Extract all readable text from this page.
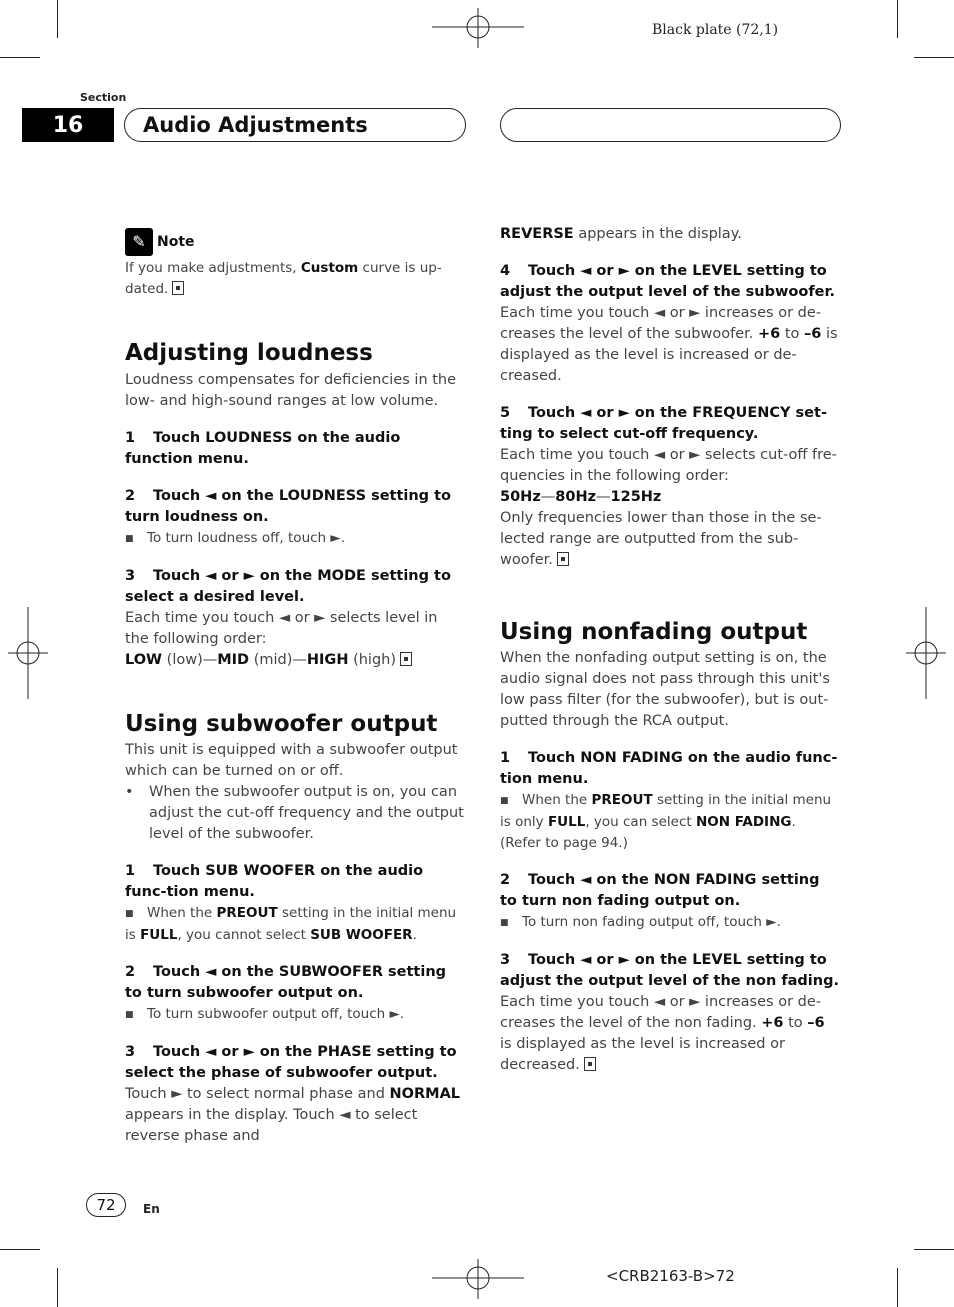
Black plate (72,1)
Section
16	Audio Adjustments
✎ Note

If you make adjustments, Custom curve is up-dated.

Adjusting loudness

Loudness compensates for deficiencies in the low- and high-sound ranges at low volume.

1 Touch LOUDNESS on the audio function menu.

2 Touch ◄ on the LOUDNESS setting to turn loudness on.

■ To turn loudness off, touch ►.

3 Touch ◄ or ► on the MODE setting to select a desired level.

Each time you touch ◄ or ► selects level in the following order:

LOW (low)—MID (mid)—HIGH (high)

Using subwoofer output

This unit is equipped with a subwoofer output which can be turned on or off.

• When the subwoofer output is on, you can adjust the cut-off frequency and the output level of the subwoofer.

1 Touch SUB WOOFER on the audio func-tion menu.

■ When the PREOUT setting in the initial menu is FULL, you cannot select SUB WOOFER.

2 Touch ◄ on the SUBWOOFER setting to turn subwoofer output on.

■ To turn subwoofer output off, touch ►.

3 Touch ◄ or ► on the PHASE setting to select the phase of subwoofer output.

Touch ► to select normal phase and NORMAL appears in the display. Touch ◄ to select reverse phase and

REVERSE appears in the display.

4 Touch ◄ or ► on the LEVEL setting to adjust the output level of the subwoofer.

Each time you touch ◄ or ► increases or de-creases the level of the subwoofer. +6 to –6 is displayed as the level is increased or de-creased.

5 Touch ◄ or ► on the FREQUENCY set-ting to select cut-off frequency.

Each time you touch ◄ or ► selects cut-off fre-quencies in the following order:

50Hz—80Hz—125Hz

Only frequencies lower than those in the se-lected range are outputted from the sub-woofer.

Using nonfading output

When the nonfading output setting is on, the audio signal does not pass through this unit's low pass filter (for the subwoofer), but is out-putted through the RCA output.

1 Touch NON FADING on the audio func-tion menu.

■ When the PREOUT setting in the initial menu is only FULL, you can select NON FADING. (Refer to page 94.)

2 Touch ◄ on the NON FADING setting to turn non fading output on.

■ To turn non fading output off, touch ►.

3 Touch ◄ or ► on the LEVEL setting to adjust the output level of the non fading.

Each time you touch ◄ or ► increases or de-creases the level of the non fading. +6 to –6 is displayed as the level is increased or decreased.

72	En
<CRB2163-B>72
